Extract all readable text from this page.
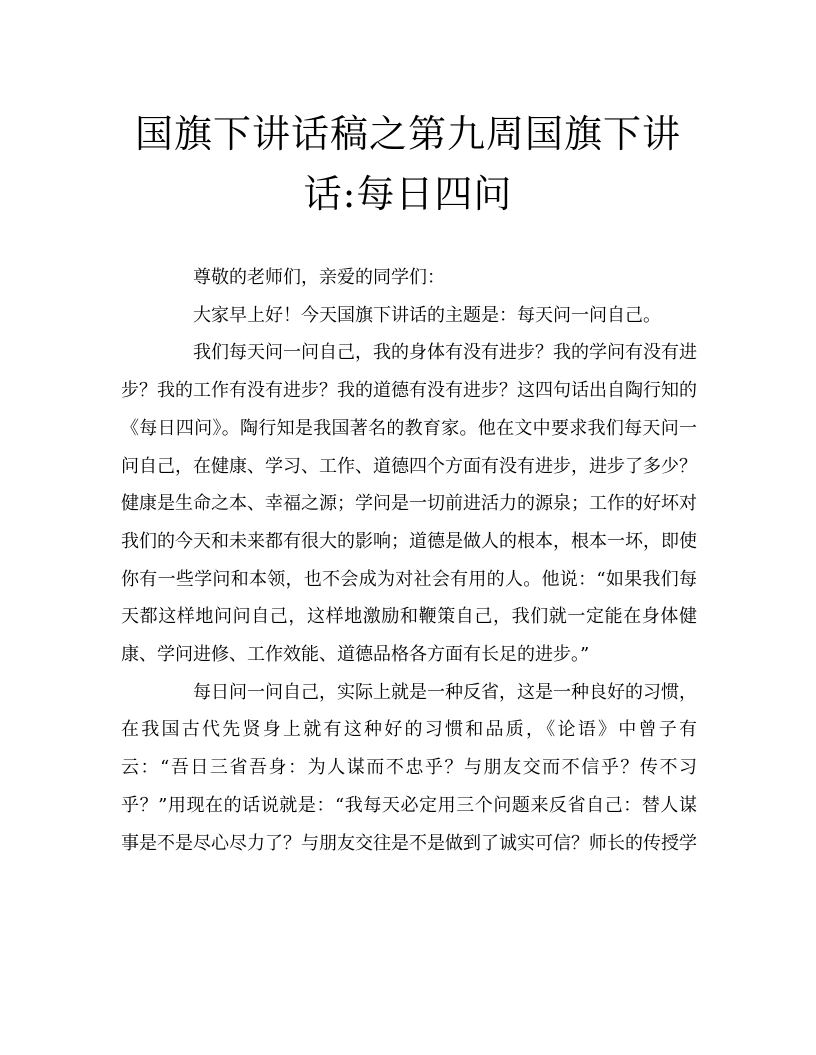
国旗下讲话稿之第九周国旗下讲话:每日四问

尊敬的老师们，亲爱的同学们：

大家早上好！今天国旗下讲话的主题是：每天问一问自己。

我们每天问一问自己，我的身体有没有进步？我的学问有没有进步？我的工作有没有进步？我的道德有没有进步？这四句话出自陶行知的《每日四问》。陶行知是我国著名的教育家。他在文中要求我们每天问一问自己，在健康、学习、工作、道德四个方面有没有进步，进步了多少？健康是生命之本、幸福之源；学问是一切前进活力的源泉；工作的好坏对我们的今天和未来都有很大的影响；道德是做人的根本，根本一坏，即使你有一些学问和本领，也不会成为对社会有用的人。他说：“如果我们每天都这样地问问自己，这样地激励和鞭策自己，我们就一定能在身体健康、学问进修、工作效能、道德品格各方面有长足的进步。”

每日问一问自己，实际上就是一种反省，这是一种良好的习惯，在我国古代先贤身上就有这种好的习惯和品质，《论语》中曾子有云：“吾日三省吾身：为人谋而不忠乎？与朋友交而不信乎？传不习乎？”用现在的话说就是：“我每天必定用三个问题来反省自己：替人谋事是不是尽心尽力了？与朋友交往是不是做到了诚实可信？师长的传授学
